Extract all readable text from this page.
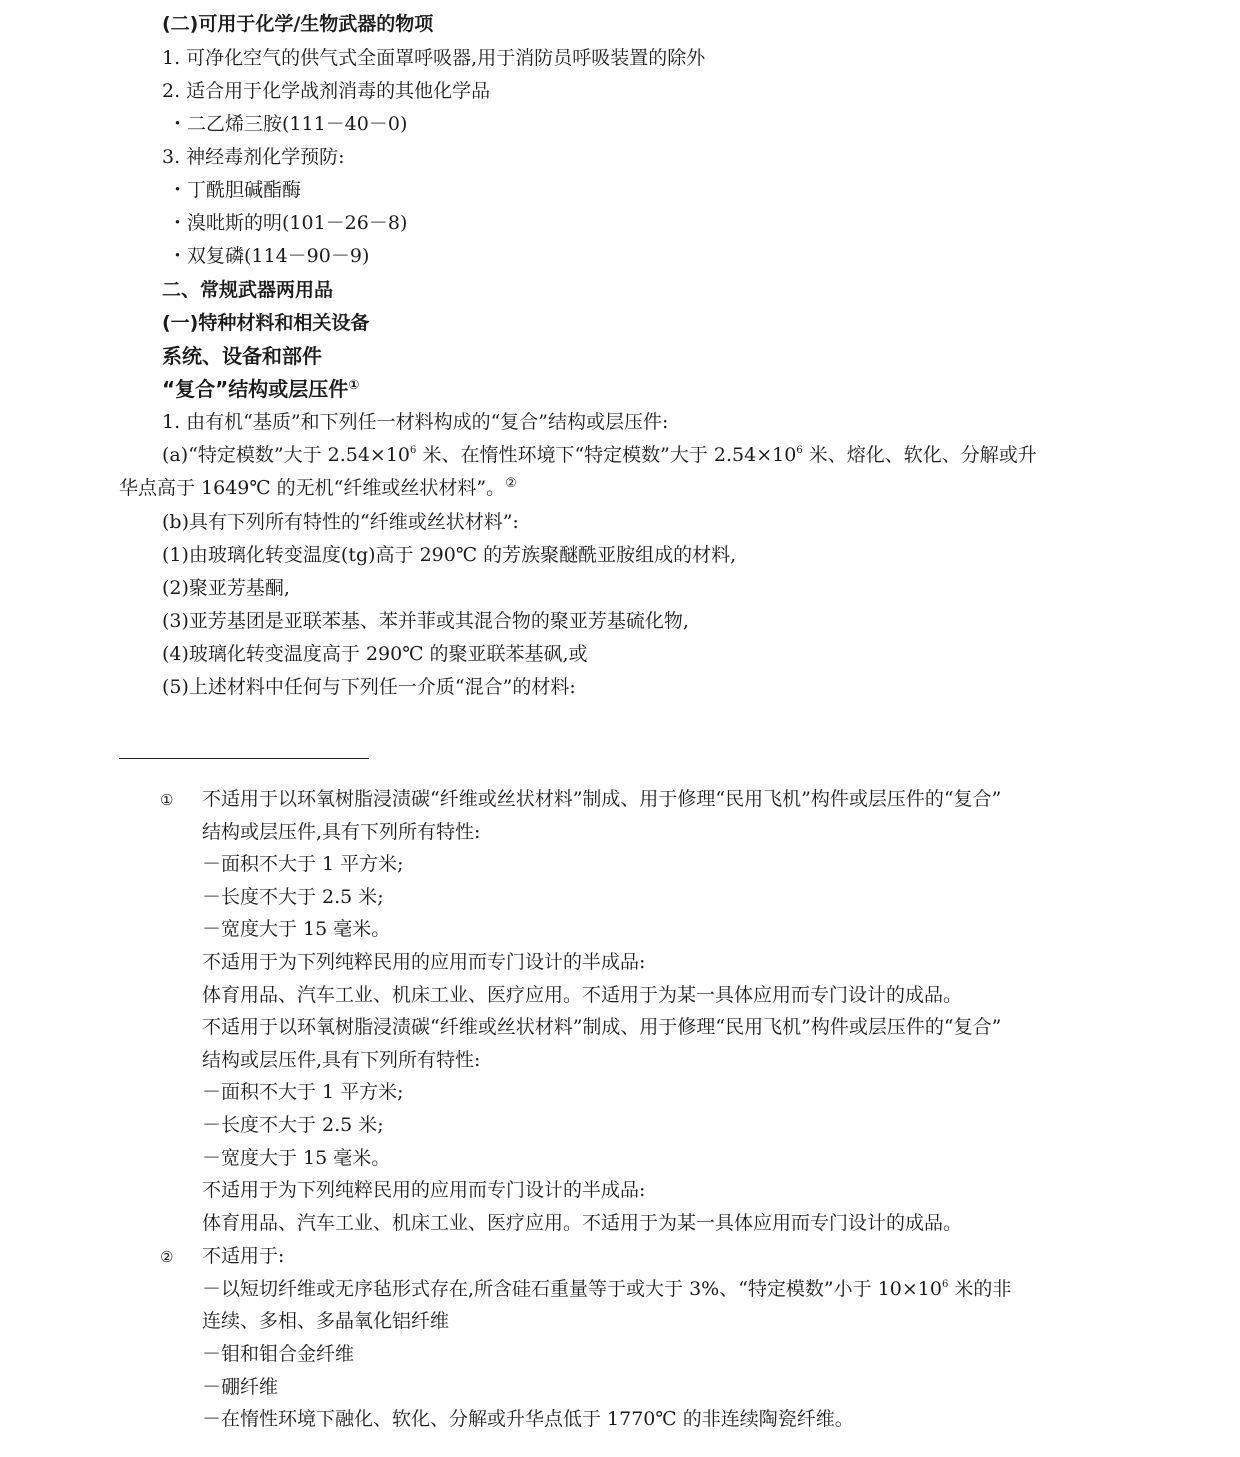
(二)可用于化学/生物武器的物项
1. 可净化空气的供气式全面罩呼吸器,用于消防员呼吸装置的除外
2. 适合用于化学战剂消毒的其他化学品
・二乙烯三胺(111－40－0)
3. 神经毒剂化学预防:
・丁酰胆碱酯酶
・溴吡斯的明(101－26－8)
・双复磷(114－90－9)
二、常规武器两用品
(一)特种材料和相关设备
系统、设备和部件
“复合”结构或层压件①
1. 由有机“基质”和下列任一材料构成的“复合”结构或层压件:
(a)“特定模数”大于 $2.54\times 10^6$ 米、在惰性环境下“特定模数”大于 $2.54\times 10^6$ 米、熔化、软化、分解或升
华点高于 1649℃ 的无机“纤维或丝状材料”。②
(b)具有下列所有特性的“纤维或丝状材料”:
(1)由玻璃化转变温度(tg)高于 290℃ 的芳族聚醚酰亚胺组成的材料,
(2)聚亚芳基酮,
(3)亚芳基团是亚联苯基、苯并菲或其混合物的聚亚芳基硫化物,
(4)玻璃化转变温度高于 290℃ 的聚亚联苯基砜,或
(5)上述材料中任何与下列任一介质“混合”的材料:
① 不适用于以环氧树脂浸渍碳“纤维或丝状材料”制成、用于修理“民用飞机”构件或层压件的“复合”
结构或层压件,具有下列所有特性:
－面积不大于 1 平方米;
－长度不大于 2.5 米;
－宽度大于 15 毫米。
不适用于为下列纯粹民用的应用而专门设计的半成品:
体育用品、汽车工业、机床工业、医疗应用。不适用于为某一具体应用而专门设计的成品。
不适用于以环氧树脂浸渍碳“纤维或丝状材料”制成、用于修理“民用飞机”构件或层压件的“复合”
结构或层压件,具有下列所有特性:
－面积不大于 1 平方米;
－长度不大于 2.5 米;
－宽度大于 15 毫米。
不适用于为下列纯粹民用的应用而专门设计的半成品:
体育用品、汽车工业、机床工业、医疗应用。不适用于为某一具体应用而专门设计的成品。
② 不适用于:
－以短切纤维或无序毡形式存在,所含硅石重量等于或大于 3%、“特定模数”小于 $10\times 10^6$ 米的非
连续、多相、多晶氧化铝纤维
－钼和钼合金纤维
－硼纤维
－在惰性环境下融化、软化、分解或升华点低于 1770℃ 的非连续陶瓷纤维。
